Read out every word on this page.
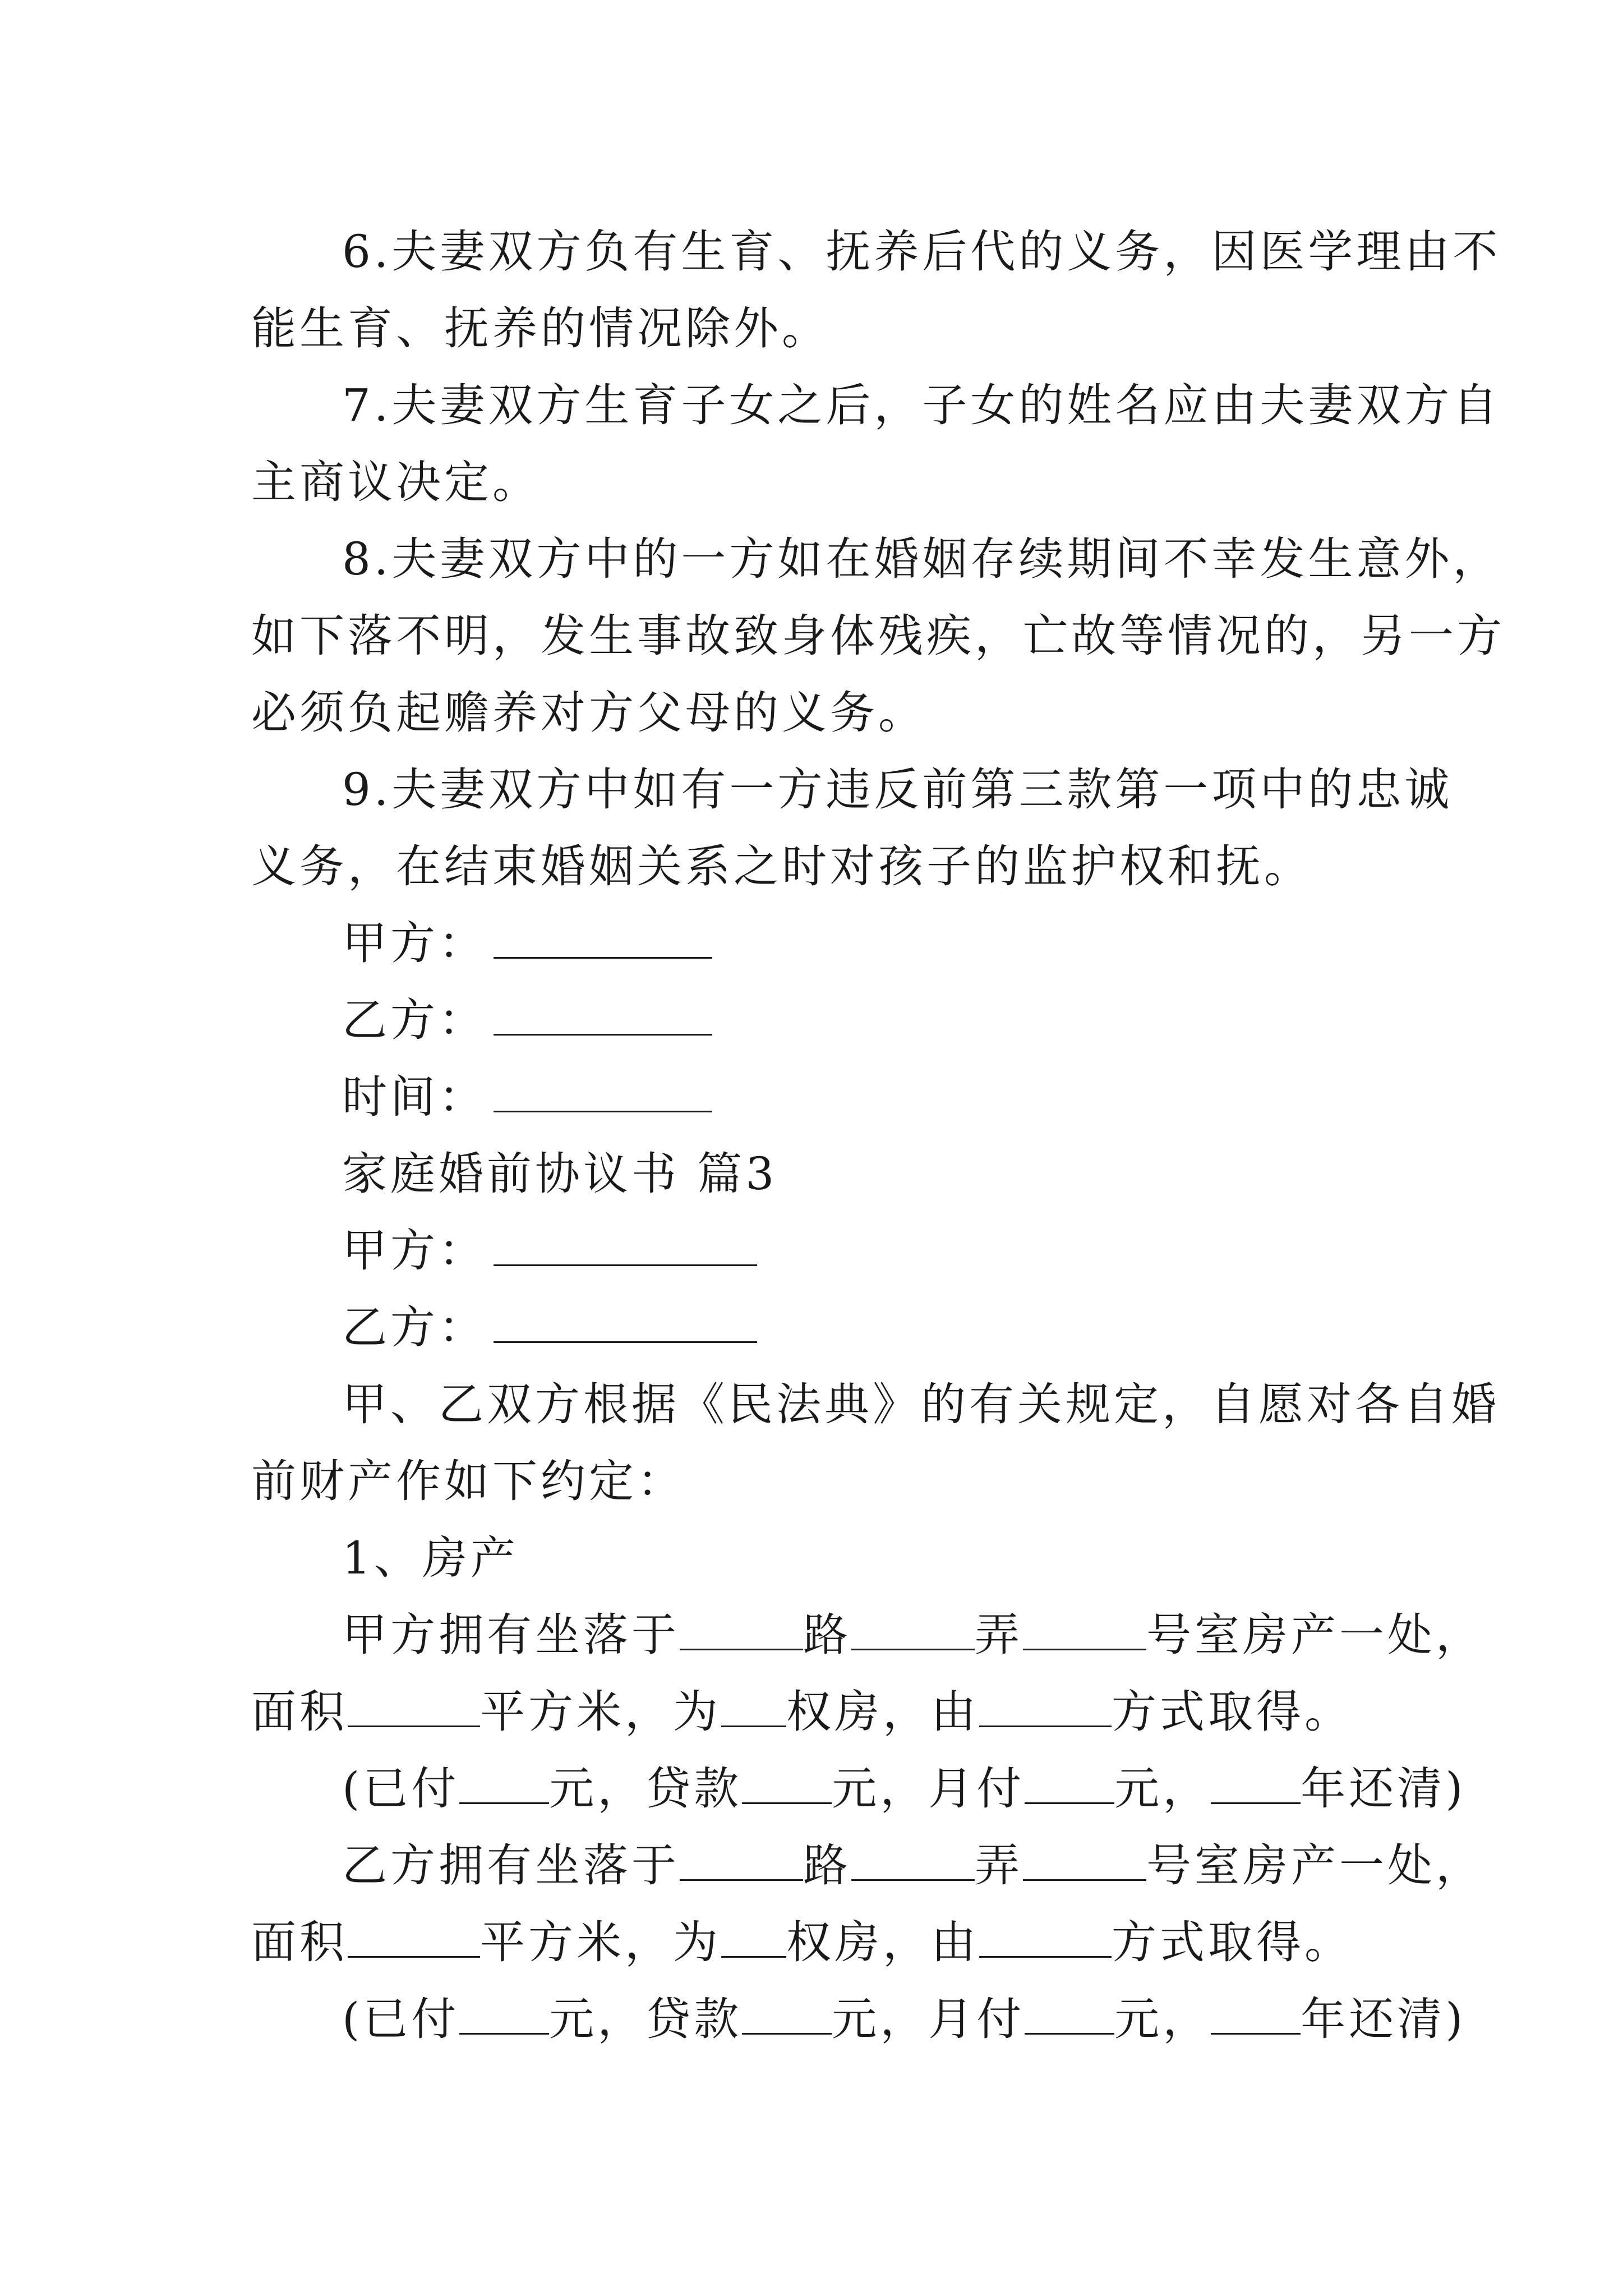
6.夫妻双方负有生育、抚养后代的义务，因医学理由不
能生育、抚养的情况除外。
7.夫妻双方生育子女之后，子女的姓名应由夫妻双方自
主商议决定。
8.夫妻双方中的一方如在婚姻存续期间不幸发生意外，
如下落不明，发生事故致身体残疾，亡故等情况的，另一方
必须负起赡养对方父母的义务。
9.夫妻双方中如有一方违反前第三款第一项中的忠诚
义务，在结束婚姻关系之时对孩子的监护权和抚。
甲方：
乙方：
时间：
家庭婚前协议书 篇3
甲方：
乙方：
甲、乙双方根据《民法典》的有关规定，自愿对各自婚
前财产作如下约定：
1、房产
甲方拥有坐落于	路	弄	号室房产一处，
面积	平方米，为 权房，由	方式取得。
(已付 元，贷款 元，月付 元， 年还清)
乙方拥有坐落于	路	弄	号室房产一处，
面积	平方米，为 权房，由	方式取得。
(已付 元，贷款 元，月付 元， 年还清)
